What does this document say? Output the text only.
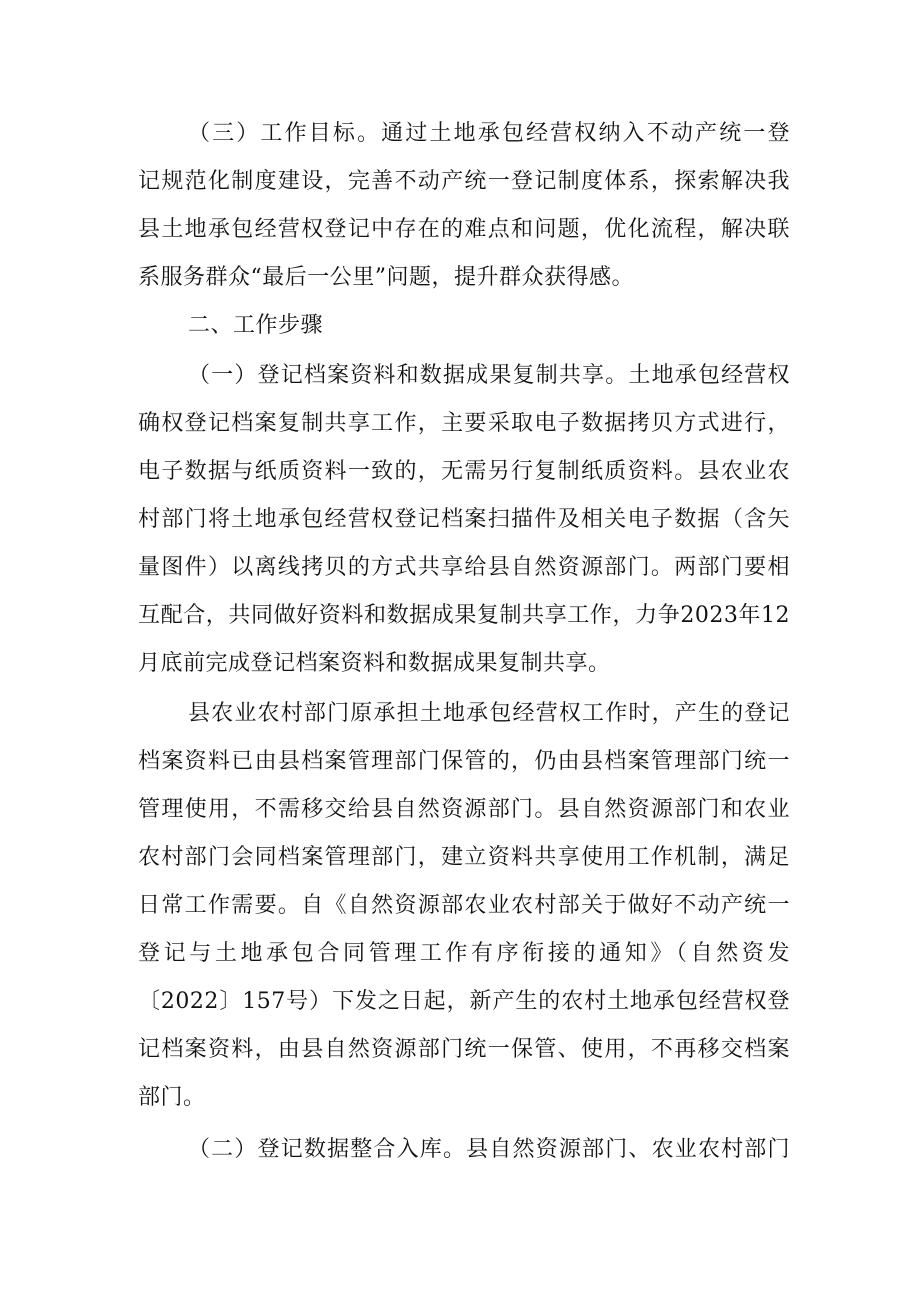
（三）工作目标。通过土地承包经营权纳入不动产统一登

记规范化制度建设，完善不动产统一登记制度体系，探索解决我

县土地承包经营权登记中存在的难点和问题，优化流程，解决联

系服务群众“最后一公里”问题，提升群众获得感。

二、工作步骤

（一）登记档案资料和数据成果复制共享。土地承包经营权

确权登记档案复制共享工作，主要采取电子数据拷贝方式进行，

电子数据与纸质资料一致的，无需另行复制纸质资料。县农业农

村部门将土地承包经营权登记档案扫描件及相关电子数据（含矢

量图件）以离线拷贝的方式共享给县自然资源部门。两部门要相

互配合，共同做好资料和数据成果复制共享工作，力争2023年12

月底前完成登记档案资料和数据成果复制共享。

县农业农村部门原承担土地承包经营权工作时，产生的登记

档案资料已由县档案管理部门保管的，仍由县档案管理部门统一

管理使用，不需移交给县自然资源部门。县自然资源部门和农业

农村部门会同档案管理部门，建立资料共享使用工作机制，满足

日常工作需要。自《自然资源部农业农村部关于做好不动产统一

登记与土地承包合同管理工作有序衔接的通知》（自然资发

〔2022〕157号）下发之日起，新产生的农村土地承包经营权登

记档案资料，由县自然资源部门统一保管、使用，不再移交档案

部门。

（二）登记数据整合入库。县自然资源部门、农业农村部门
